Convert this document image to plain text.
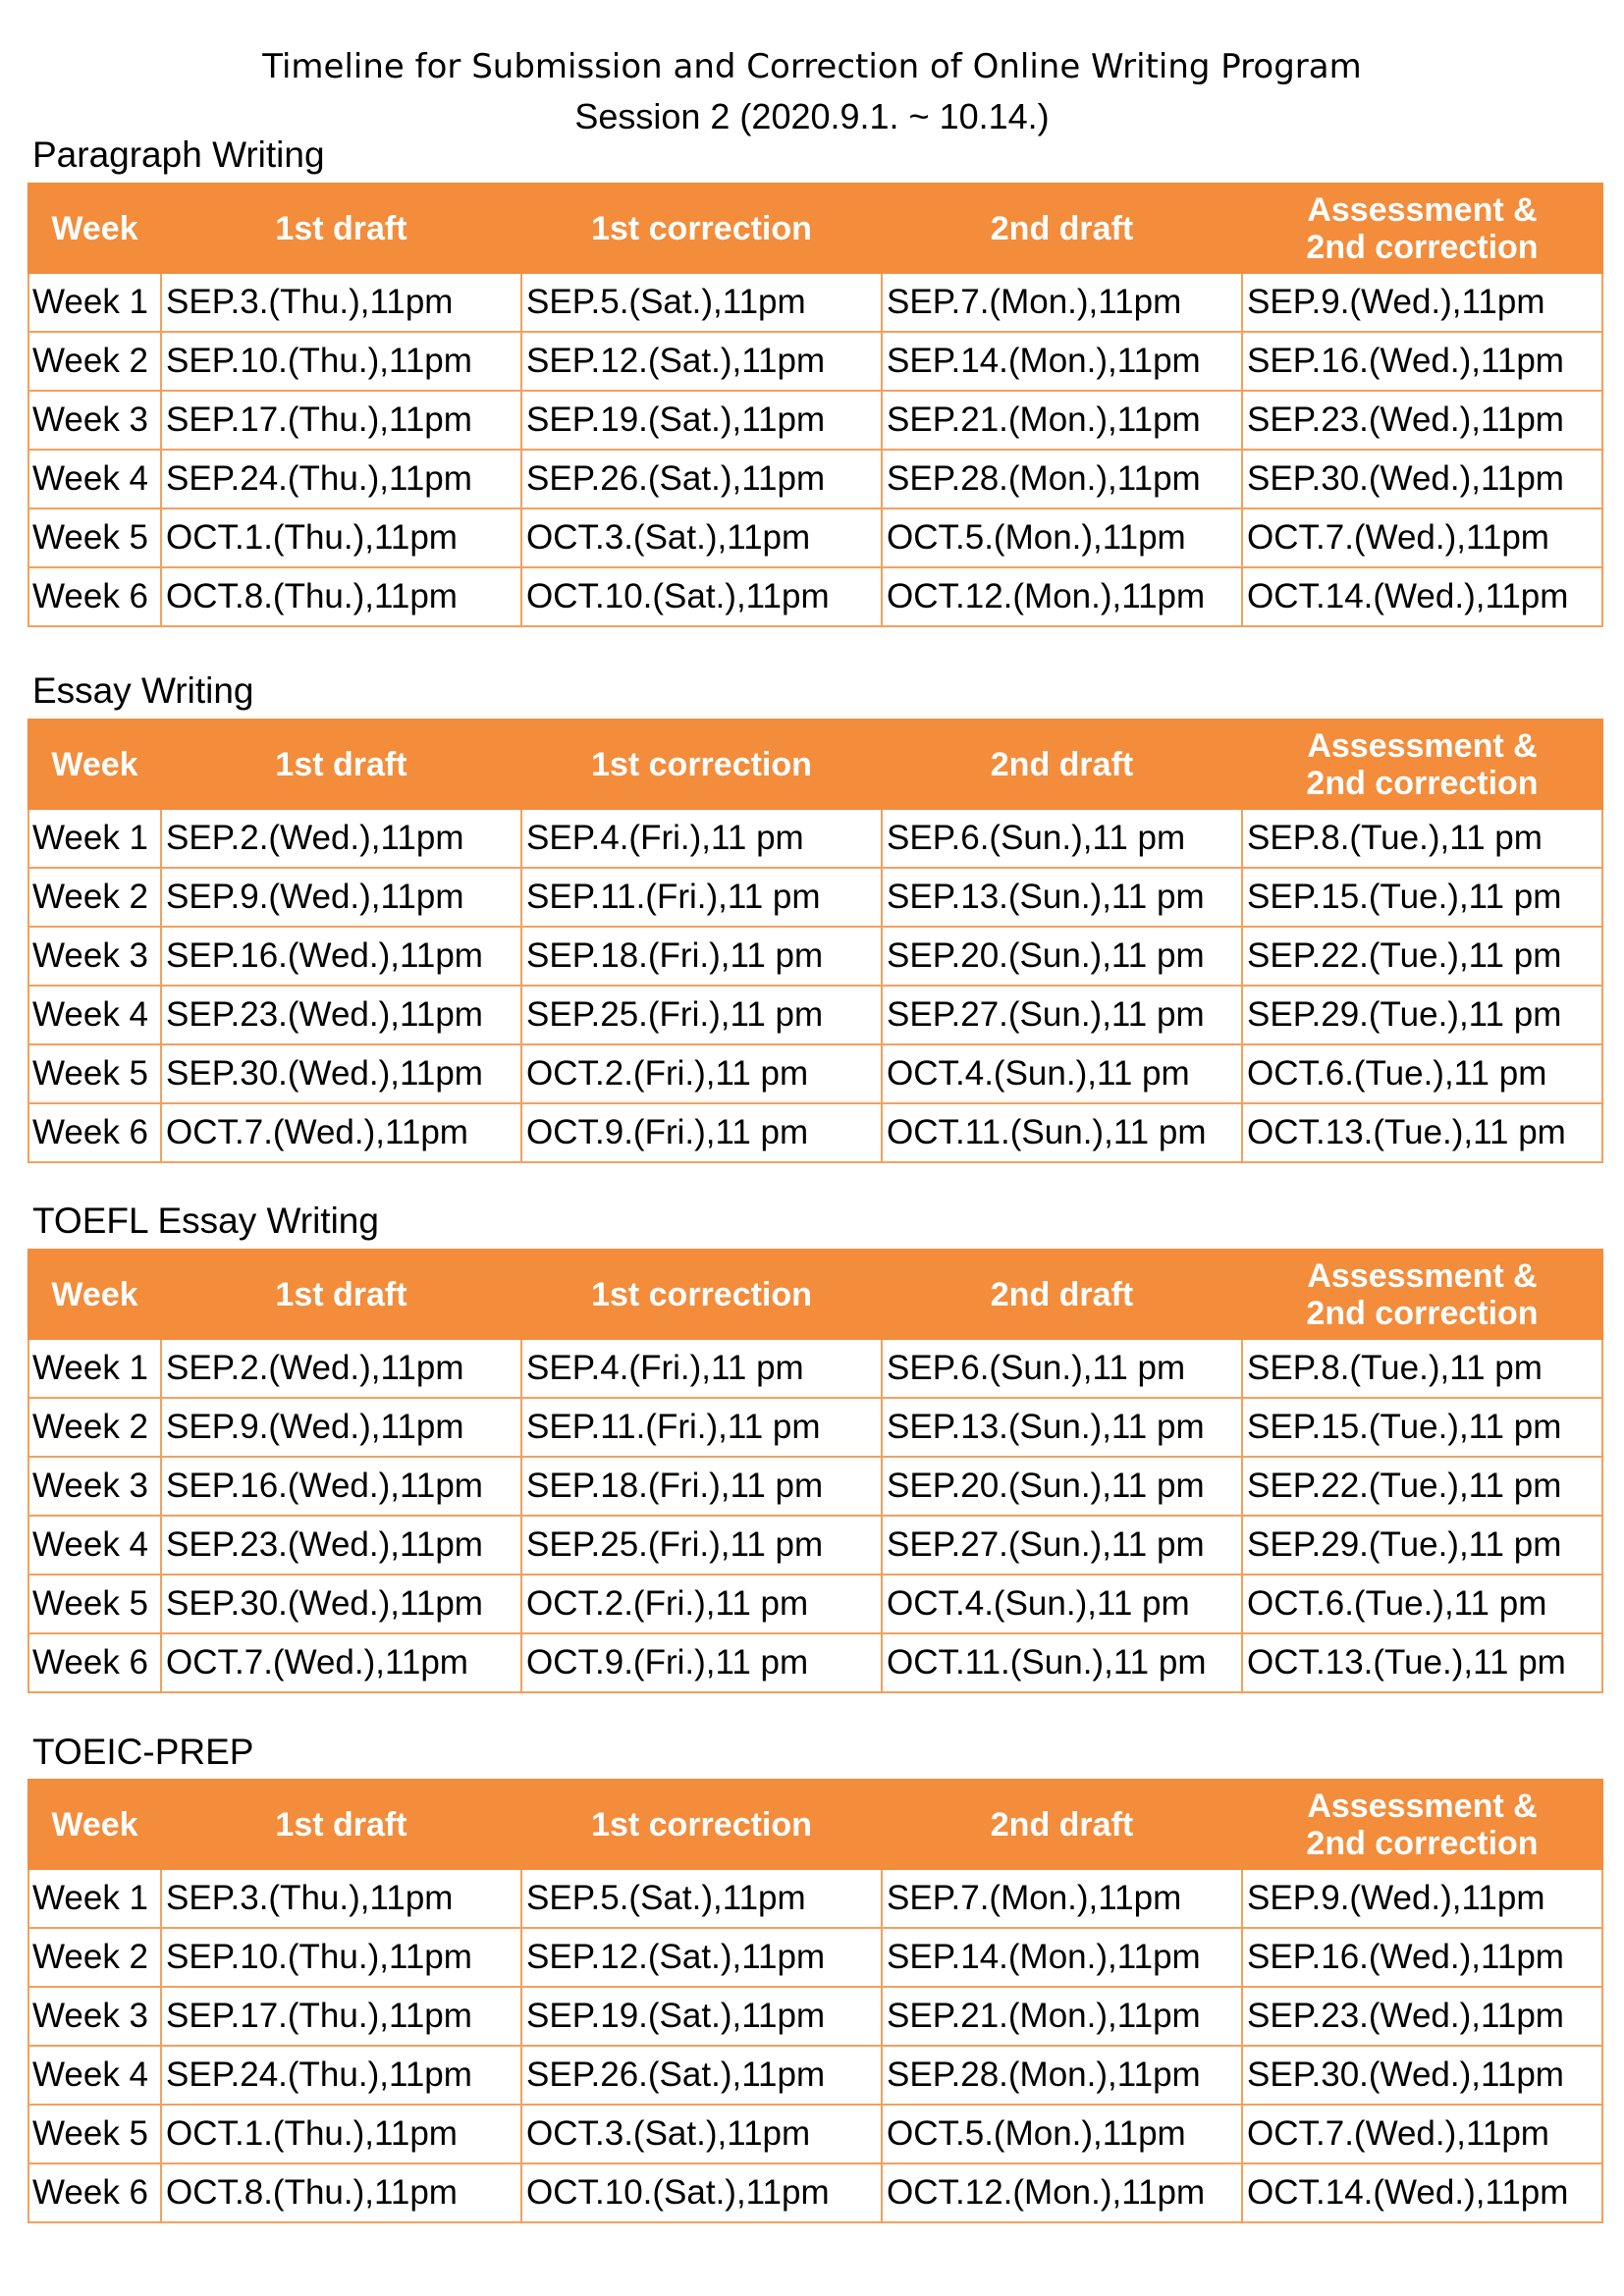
Timeline for Submission and Correction of Online Writing Program
Session 2 (2020.9.1. ~ 10.14.)
Paragraph Writing
Week	1st draft	1st correction	2nd draft	Assessment &
2nd correction
Week 1	SEP.3.(Thu.),11pm	SEP.5.(Sat.),11pm	SEP.7.(Mon.),11pm	SEP.9.(Wed.),11pm
Week 2	SEP.10.(Thu.),11pm	SEP.12.(Sat.),11pm	SEP.14.(Mon.),11pm	SEP.16.(Wed.),11pm
Week 3	SEP.17.(Thu.),11pm	SEP.19.(Sat.),11pm	SEP.21.(Mon.),11pm	SEP.23.(Wed.),11pm
Week 4	SEP.24.(Thu.),11pm	SEP.26.(Sat.),11pm	SEP.28.(Mon.),11pm	SEP.30.(Wed.),11pm
Week 5	OCT.1.(Thu.),11pm	OCT.3.(Sat.),11pm	OCT.5.(Mon.),11pm	OCT.7.(Wed.),11pm
Week 6	OCT.8.(Thu.),11pm	OCT.10.(Sat.),11pm	OCT.12.(Mon.),11pm	OCT.14.(Wed.),11pm
Essay Writing
Week	1st draft	1st correction	2nd draft	Assessment &
2nd correction
Week 1	SEP.2.(Wed.),11pm	SEP.4.(Fri.),11 pm	SEP.6.(Sun.),11 pm	SEP.8.(Tue.),11 pm
Week 2	SEP.9.(Wed.),11pm	SEP.11.(Fri.),11 pm	SEP.13.(Sun.),11 pm	SEP.15.(Tue.),11 pm
Week 3	SEP.16.(Wed.),11pm	SEP.18.(Fri.),11 pm	SEP.20.(Sun.),11 pm	SEP.22.(Tue.),11 pm
Week 4	SEP.23.(Wed.),11pm	SEP.25.(Fri.),11 pm	SEP.27.(Sun.),11 pm	SEP.29.(Tue.),11 pm
Week 5	SEP.30.(Wed.),11pm	OCT.2.(Fri.),11 pm	OCT.4.(Sun.),11 pm	OCT.6.(Tue.),11 pm
Week 6	OCT.7.(Wed.),11pm	OCT.9.(Fri.),11 pm	OCT.11.(Sun.),11 pm	OCT.13.(Tue.),11 pm
TOEFL Essay Writing
Week	1st draft	1st correction	2nd draft	Assessment &
2nd correction
Week 1	SEP.2.(Wed.),11pm	SEP.4.(Fri.),11 pm	SEP.6.(Sun.),11 pm	SEP.8.(Tue.),11 pm
Week 2	SEP.9.(Wed.),11pm	SEP.11.(Fri.),11 pm	SEP.13.(Sun.),11 pm	SEP.15.(Tue.),11 pm
Week 3	SEP.16.(Wed.),11pm	SEP.18.(Fri.),11 pm	SEP.20.(Sun.),11 pm	SEP.22.(Tue.),11 pm
Week 4	SEP.23.(Wed.),11pm	SEP.25.(Fri.),11 pm	SEP.27.(Sun.),11 pm	SEP.29.(Tue.),11 pm
Week 5	SEP.30.(Wed.),11pm	OCT.2.(Fri.),11 pm	OCT.4.(Sun.),11 pm	OCT.6.(Tue.),11 pm
Week 6	OCT.7.(Wed.),11pm	OCT.9.(Fri.),11 pm	OCT.11.(Sun.),11 pm	OCT.13.(Tue.),11 pm
TOEIC-PREP
Week	1st draft	1st correction	2nd draft	Assessment &
2nd correction
Week 1	SEP.3.(Thu.),11pm	SEP.5.(Sat.),11pm	SEP.7.(Mon.),11pm	SEP.9.(Wed.),11pm
Week 2	SEP.10.(Thu.),11pm	SEP.12.(Sat.),11pm	SEP.14.(Mon.),11pm	SEP.16.(Wed.),11pm
Week 3	SEP.17.(Thu.),11pm	SEP.19.(Sat.),11pm	SEP.21.(Mon.),11pm	SEP.23.(Wed.),11pm
Week 4	SEP.24.(Thu.),11pm	SEP.26.(Sat.),11pm	SEP.28.(Mon.),11pm	SEP.30.(Wed.),11pm
Week 5	OCT.1.(Thu.),11pm	OCT.3.(Sat.),11pm	OCT.5.(Mon.),11pm	OCT.7.(Wed.),11pm
Week 6	OCT.8.(Thu.),11pm	OCT.10.(Sat.),11pm	OCT.12.(Mon.),11pm	OCT.14.(Wed.),11pm
